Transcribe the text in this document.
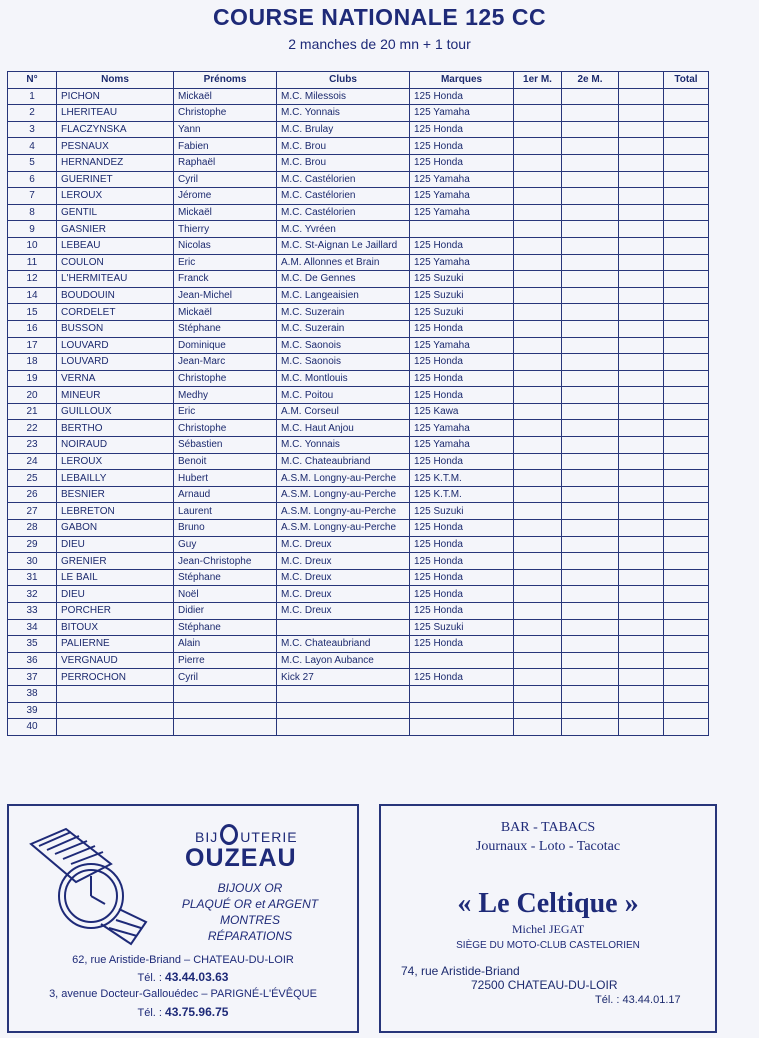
COURSE NATIONALE 125 CC
2 manches de 20 mn + 1 tour
N°	Noms	Prénoms	Clubs	Marques	1er M.	2e M.		Total
1	PICHON	Mickaël	M.C. Milessois	125 Honda				
2	LHERITEAU	Christophe	M.C. Yonnais	125 Yamaha				
3	FLACZYNSKA	Yann	M.C. Brulay	125 Honda				
4	PESNAUX	Fabien	M.C. Brou	125 Honda				
5	HERNANDEZ	Raphaël	M.C. Brou	125 Honda				
6	GUERINET	Cyril	M.C. Castélorien	125 Yamaha				
7	LEROUX	Jérome	M.C. Castélorien	125 Yamaha				
8	GENTIL	Mickaël	M.C. Castélorien	125 Yamaha				
9	GASNIER	Thierry	M.C. Yvréen					
10	LEBEAU	Nicolas	M.C. St-Aignan Le Jaillard	125 Honda				
11	COULON	Eric	A.M. Allonnes et Brain	125 Yamaha				
12	L'HERMITEAU	Franck	M.C. De Gennes	125 Suzuki				
14	BOUDOUIN	Jean-Michel	M.C. Langeaisien	125 Suzuki				
15	CORDELET	Mickaël	M.C. Suzerain	125 Suzuki				
16	BUSSON	Stéphane	M.C. Suzerain	125 Honda				
17	LOUVARD	Dominique	M.C. Saonois	125 Yamaha				
18	LOUVARD	Jean-Marc	M.C. Saonois	125 Honda				
19	VERNA	Christophe	M.C. Montlouis	125 Honda				
20	MINEUR	Medhy	M.C. Poitou	125 Honda				
21	GUILLOUX	Eric	A.M. Corseul	125 Kawa				
22	BERTHO	Christophe	M.C. Haut Anjou	125 Yamaha				
23	NOIRAUD	Sébastien	M.C. Yonnais	125 Yamaha				
24	LEROUX	Benoit	M.C. Chateaubriand	125 Honda				
25	LEBAILLY	Hubert	A.S.M. Longny-au-Perche	125 K.T.M.				
26	BESNIER	Arnaud	A.S.M. Longny-au-Perche	125 K.T.M.				
27	LEBRETON	Laurent	A.S.M. Longny-au-Perche	125 Suzuki				
28	GABON	Bruno	A.S.M. Longny-au-Perche	125 Honda				
29	DIEU	Guy	M.C. Dreux	125 Honda				
30	GRENIER	Jean-Christophe	M.C. Dreux	125 Honda				
31	LE BAIL	Stéphane	M.C. Dreux	125 Honda				
32	DIEU	Noël	M.C. Dreux	125 Honda				
33	PORCHER	Didier	M.C. Dreux	125 Honda				
34	BITOUX	Stéphane		125 Suzuki				
35	PALIERNE	Alain	M.C. Chateaubriand	125 Honda				
36	VERGNAUD	Pierre	M.C. Layon Aubance					
37	PERROCHON	Cyril	Kick 27	125 Honda				
38								
39								
40								
BIJ UTERIE
OUZEAU
BIJOUX OR
PLAQUÉ OR et ARGENT
MONTRES
RÉPARATIONS
62, rue Aristide-Briand – CHATEAU-DU-LOIR
Tél. : 43.44.03.63
3, avenue Docteur-Gallouédec – PARIGNÉ-L'ÉVÊQUE
Tél. : 43.75.96.75
BAR - TABACS
Journaux - Loto - Tacotac
« Le Celtique »
Michel JEGAT
SIÈGE DU MOTO-CLUB CASTELORIEN
74, rue Aristide-Briand
72500 CHATEAU-DU-LOIR
Tél. : 43.44.01.17
